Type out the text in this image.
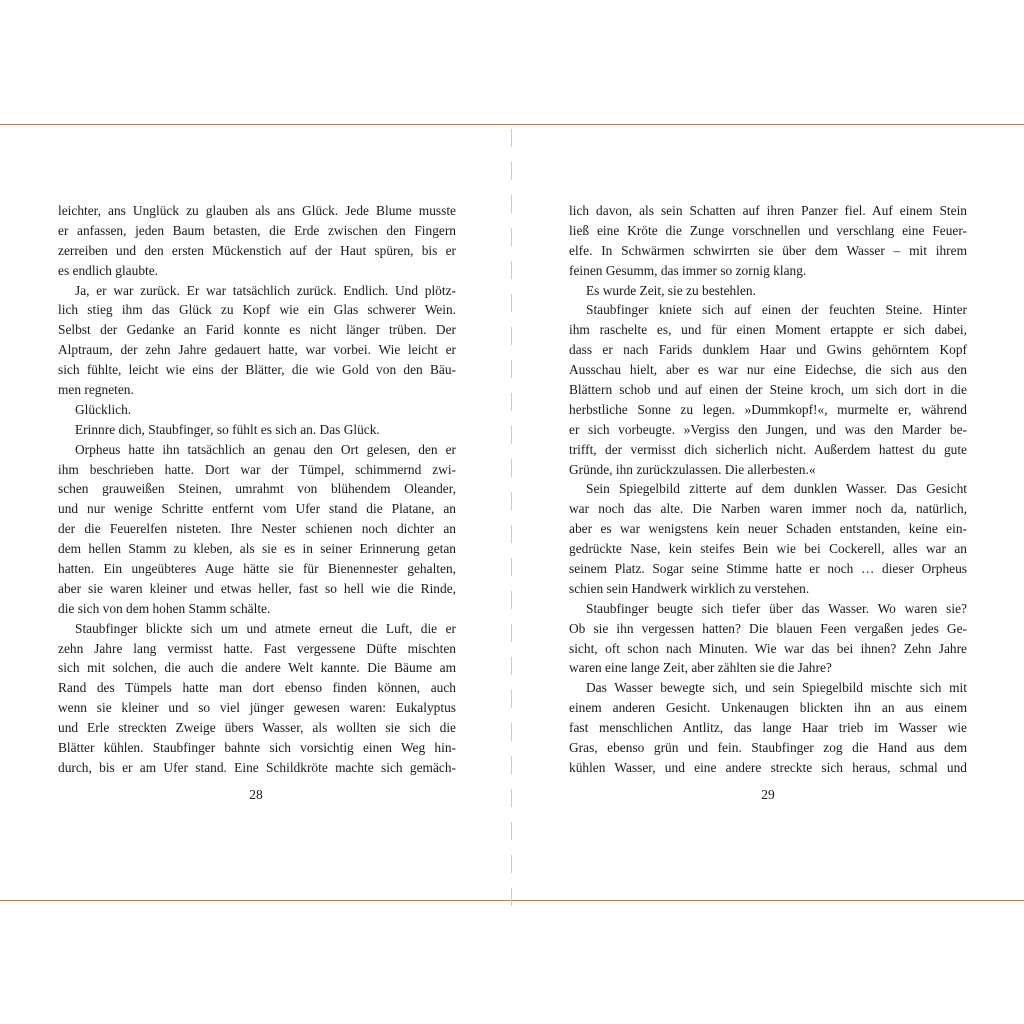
leichter, ans Unglück zu glauben als ans Glück. Jede Blume musste
er anfassen, jeden Baum betasten, die Erde zwischen den Fingern
zerreiben und den ersten Mückenstich auf der Haut spüren, bis er
es endlich glaubte.
Ja, er war zurück. Er war tatsächlich zurück. Endlich. Und plötz-
lich stieg ihm das Glück zu Kopf wie ein Glas schwerer Wein.
Selbst der Gedanke an Farid konnte es nicht länger trüben. Der
Alptraum, der zehn Jahre gedauert hatte, war vorbei. Wie leicht er
sich fühlte, leicht wie eins der Blätter, die wie Gold von den Bäu-
men regneten.
Glücklich.
Erinnre dich, Staubfinger, so fühlt es sich an. Das Glück.
Orpheus hatte ihn tatsächlich an genau den Ort gelesen, den er
ihm beschrieben hatte. Dort war der Tümpel, schimmernd zwi-
schen grauweißen Steinen, umrahmt von blühendem Oleander,
und nur wenige Schritte entfernt vom Ufer stand die Platane, an
der die Feuerelfen nisteten. Ihre Nester schienen noch dichter an
dem hellen Stamm zu kleben, als sie es in seiner Erinnerung getan
hatten. Ein ungeübteres Auge hätte sie für Bienennester gehalten,
aber sie waren kleiner und etwas heller, fast so hell wie die Rinde,
die sich von dem hohen Stamm schälte.
Staubfinger blickte sich um und atmete erneut die Luft, die er
zehn Jahre lang vermisst hatte. Fast vergessene Düfte mischten
sich mit solchen, die auch die andere Welt kannte. Die Bäume am
Rand des Tümpels hatte man dort ebenso finden können, auch
wenn sie kleiner und so viel jünger gewesen waren: Eukalyptus
und Erle streckten Zweige übers Wasser, als wollten sie sich die
Blätter kühlen. Staubfinger bahnte sich vorsichtig einen Weg hin-
durch, bis er am Ufer stand. Eine Schildkröte machte sich gemäch-
28
lich davon, als sein Schatten auf ihren Panzer fiel. Auf einem Stein
ließ eine Kröte die Zunge vorschnellen und verschlang eine Feuer-
elfe. In Schwärmen schwirrten sie über dem Wasser – mit ihrem
feinen Gesumm, das immer so zornig klang.
Es wurde Zeit, sie zu bestehlen.
Staubfinger kniete sich auf einen der feuchten Steine. Hinter
ihm raschelte es, und für einen Moment ertappte er sich dabei,
dass er nach Farids dunklem Haar und Gwins gehörntem Kopf
Ausschau hielt, aber es war nur eine Eidechse, die sich aus den
Blättern schob und auf einen der Steine kroch, um sich dort in die
herbstliche Sonne zu legen. »Dummkopf!«, murmelte er, während
er sich vorbeugte. »Vergiss den Jungen, und was den Marder be-
trifft, der vermisst dich sicherlich nicht. Außerdem hattest du gute
Gründe, ihn zurückzulassen. Die allerbesten.«
Sein Spiegelbild zitterte auf dem dunklen Wasser. Das Gesicht
war noch das alte. Die Narben waren immer noch da, natürlich,
aber es war wenigstens kein neuer Schaden entstanden, keine ein-
gedrückte Nase, kein steifes Bein wie bei Cockerell, alles war an
seinem Platz. Sogar seine Stimme hatte er noch … dieser Orpheus
schien sein Handwerk wirklich zu verstehen.
Staubfinger beugte sich tiefer über das Wasser. Wo waren sie?
Ob sie ihn vergessen hatten? Die blauen Feen vergaßen jedes Ge-
sicht, oft schon nach Minuten. Wie war das bei ihnen? Zehn Jahre
waren eine lange Zeit, aber zählten sie die Jahre?
Das Wasser bewegte sich, und sein Spiegelbild mischte sich mit
einem anderen Gesicht. Unkenaugen blickten ihn an aus einem
fast menschlichen Antlitz, das lange Haar trieb im Wasser wie
Gras, ebenso grün und fein. Staubfinger zog die Hand aus dem
kühlen Wasser, und eine andere streckte sich heraus, schmal und
29
